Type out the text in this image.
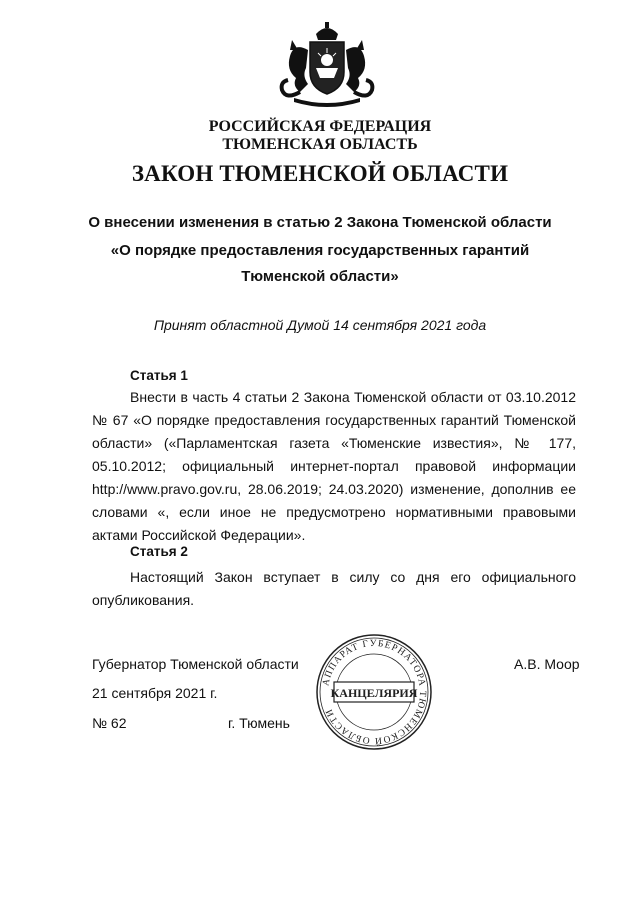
РОССИЙСКАЯ ФЕДЕРАЦИЯ
ТЮМЕНСКАЯ ОБЛАСТЬ
ЗАКОН ТЮМЕНСКОЙ ОБЛАСТИ
О внесении изменения в статью 2 Закона Тюменской области
«О порядке предоставления государственных гарантий
Тюменской области»
Принят областной Думой 14 сентября 2021 года
Статья 1

Внести в часть 4 статьи 2 Закона Тюменской области от 03.10.2012 № 67 «О порядке предоставления государственных гарантий Тюменской области» («Парламентская газета «Тюменские известия», № 177, 05.10.2012; официальный интернет-портал правовой информации http://www.pravo.gov.ru, 28.06.2019; 24.03.2020) изменение, дополнив ее словами «, если иное не предусмотрено нормативными правовыми актами Российской Федерации».

Статья 2

Настоящий Закон вступает в силу со дня его официального опубликования.

Губернатор Тюменской области	А.В. Моор
21 сентября 2021 г.
№ 62	г. Тюмень
АППАРАТ ГУБЕРНАТОРА ТЮМЕНСКОЙ ОБЛАСТИ
КАНЦЕЛЯРИЯ
